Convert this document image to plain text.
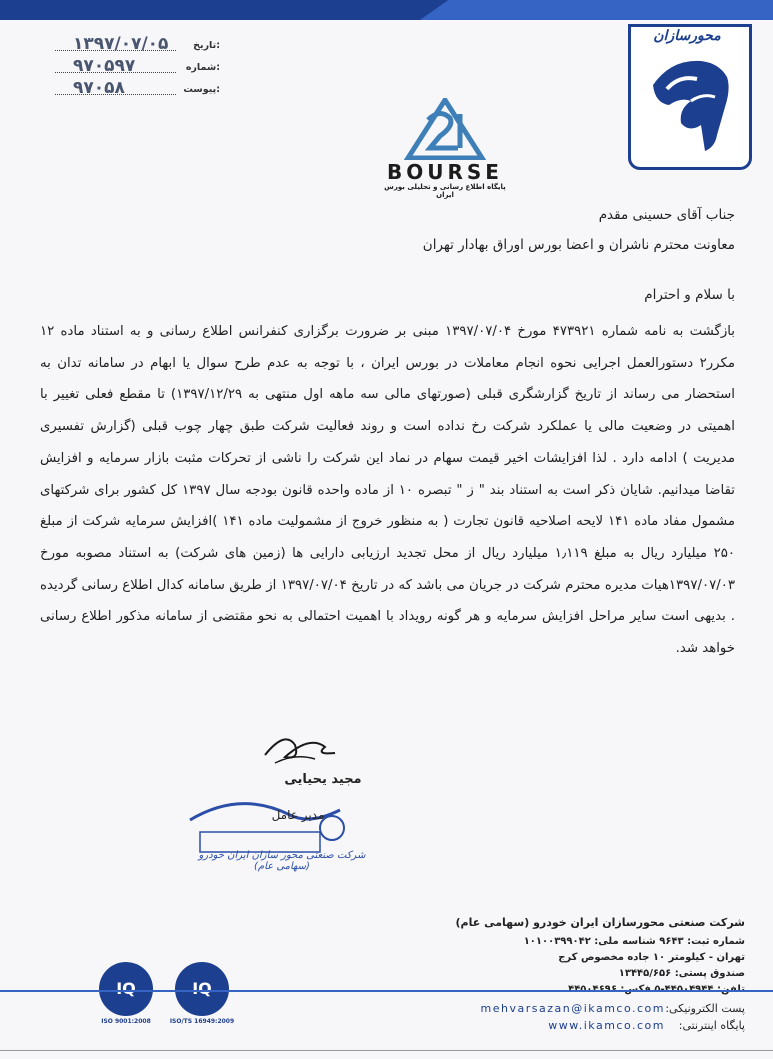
محورسازان
تاریخ:
۱۳۹۷/۰۷/۰۵
شماره:
۹۷۰۵۹۷
پیوست:
۹۷۰۵۸
BOURSE
پایگاه اطلاع رسانی و تحلیلی بورس ایران
جناب آقای حسینی مقدم
معاونت محترم ناشران و اعضا بورس اوراق بهادار تهران
با سلام و احترام

بازگشت به نامه شماره ۴۷۳۹۲۱ مورخ ۱۳۹۷/۰۷/۰۴ مبنی بر ضرورت برگزاری کنفرانس اطلاع رسانی و به استناد ماده ۱۲ مکرر۲ دستورالعمل اجرایی نحوه انجام معاملات در بورس ایران ، با توجه به عدم طرح سوال یا ابهام در سامانه تدان به استحضار می رساند از تاریخ گزارشگری قبلی (صورتهای مالی سه ماهه اول منتهی به ۱۳۹۷/۱۲/۲۹) تا مقطع فعلی تغییر با اهمیتی در وضعیت مالی یا عملکرد شرکت رخ نداده است و روند فعالیت شرکت طبق چهار چوب قبلی (گزارش تفسیری مدیریت ) ادامه دارد . لذا افزایشات اخیر قیمت سهام در نماد این شرکت را ناشی از تحرکات مثبت بازار سرمایه و افزایش تقاضا میدانیم. شایان ذکر است به استناد بند " ز " تبصره ۱۰ از ماده واحده قانون بودجه سال ۱۳۹۷ کل کشور برای شرکتهای مشمول مفاد ماده ۱۴۱ لایحه اصلاحیه قانون تجارت ( به منظور خروج از مشمولیت ماده ۱۴۱ )افزایش سرمایه شرکت از مبلغ ۲۵۰ میلیارد ریال به مبلغ ۱٫۱۱۹ میلیارد ریال از محل تجدید ارزیابی دارایی ها (زمین های شرکت) به استناد مصوبه مورخ ۱۳۹۷/۰۷/۰۳هیات مدیره محترم شرکت در جریان می باشد که در تاریخ ۱۳۹۷/۰۷/۰۴ از طریق سامانه کدال اطلاع رسانی گردیده . بدیهی است سایر مراحل افزایش سرمایه و هر گونه رویداد با اهمیت احتمالی به نحو مقتضی از سامانه مذکور اطلاع رسانی خواهد شد.

مجید یحیایی
مدیر عامل
شرکت صنعتی محور سازان ایران خودرو (سهامی عام)
شرکت صنعتی محورسازان ایران خودرو (سهامی عام)
شماره ثبت: ۹۶۴۳ شناسه ملی: ۱۰۱۰۰۳۹۹۰۴۲
تهران - کیلومتر ۱۰ جاده مخصوص کرج
صندوق پستی: ۱۳۴۴۵/۶۵۶
تلفن: ۴۴۵۰۴۹۴۴-۵ فکس: ۴۴۵۰۴۶۹۶
IQ
ISO 9001:2008
IQ
ISO/TS 16949:2009
پست الکترونیکی:
mehvarsazan@ikamco.com
پایگاه اینترنتی:
www.ikamco.com
